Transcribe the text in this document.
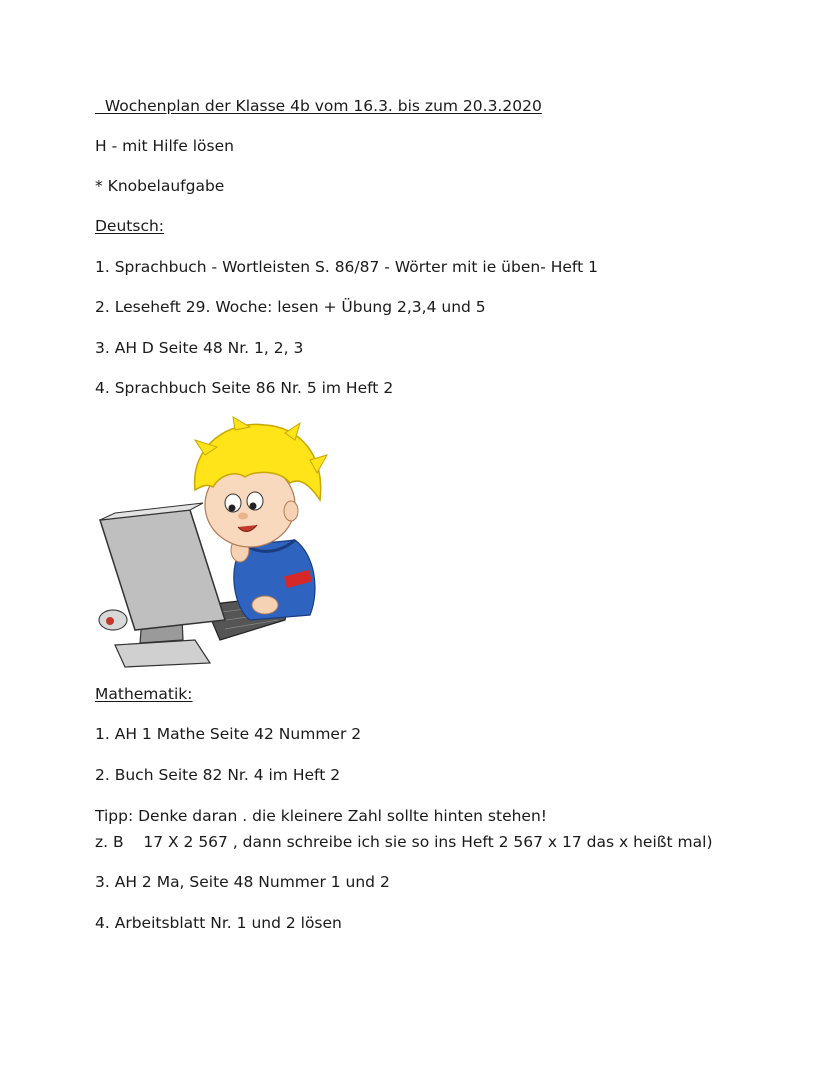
Wochenplan der Klasse 4b vom 16.3. bis zum 20.3.2020
H - mit Hilfe lösen
* Knobelaufgabe
Deutsch:
1. Sprachbuch - Wortleisten S. 86/87 - Wörter mit ie üben- Heft 1
2. Leseheft 29. Woche: lesen + Übung 2,3,4 und 5
3. AH D Seite 48 Nr. 1, 2, 3
4. Sprachbuch Seite 86 Nr. 5 im Heft 2
Mathematik:
1. AH 1 Mathe Seite 42 Nummer 2
2. Buch Seite 82 Nr. 4 im Heft 2
Tipp: Denke daran . die kleinere Zahl sollte hinten stehen!
z. B    17 X 2 567 , dann schreibe ich sie so ins Heft 2 567 x 17 das x heißt mal)
3. AH 2 Ma, Seite 48 Nummer 1 und 2
4. Arbeitsblatt Nr. 1 und 2 lösen
